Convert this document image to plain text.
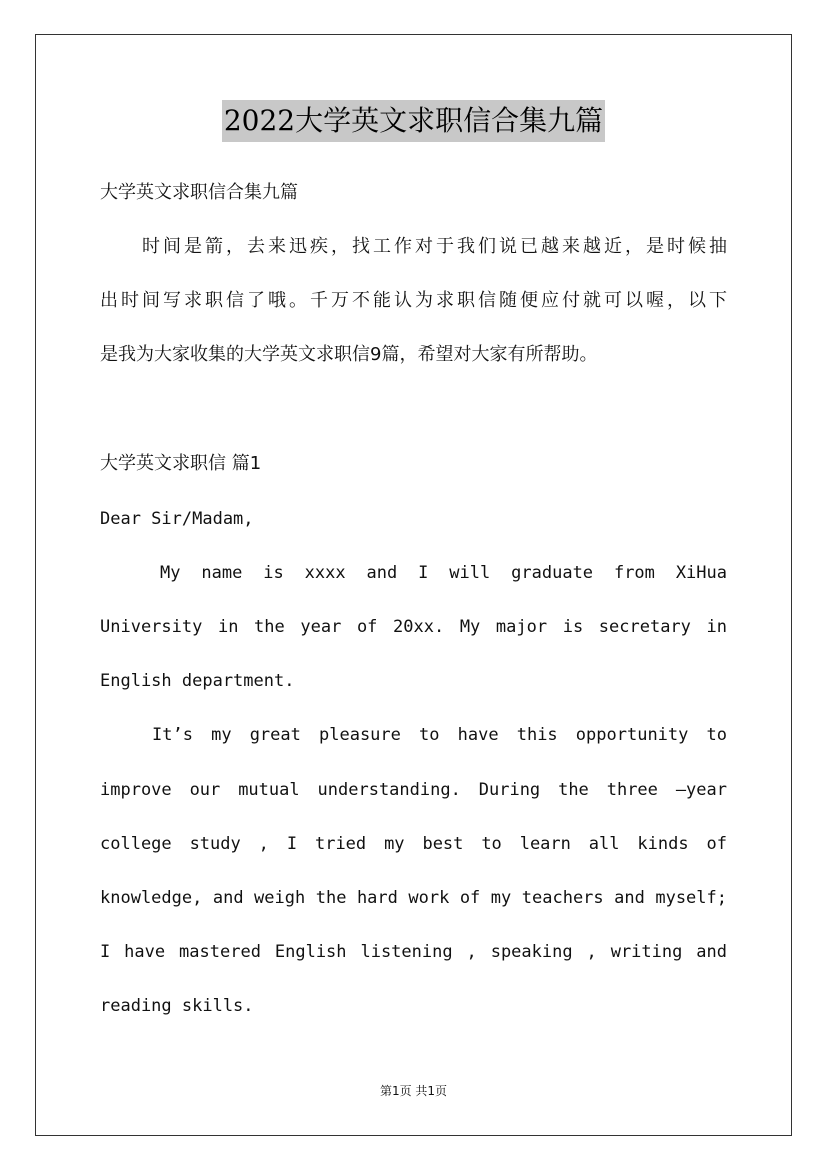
2022大学英文求职信合集九篇
大学英文求职信合集九篇
时间是箭，去来迅疾，找工作对于我们说已越来越近，是时候抽
出时间写求职信了哦。千万不能认为求职信随便应付就可以喔，以下
是我为大家收集的大学英文求职信9篇，希望对大家有所帮助。
大学英文求职信 篇1
Dear Sir/Madam,
My name is xxxx and I will graduate from XiHua
University in the year of 20xx. My major is secretary in
English department.
It’s my great pleasure to have this opportunity to
improve our mutual understanding. During the three –year
college study , I tried my best to learn all kinds of
knowledge, and weigh the hard work of my teachers and myself;
I have mastered English listening , speaking , writing and
reading skills.
第1页 共1页
